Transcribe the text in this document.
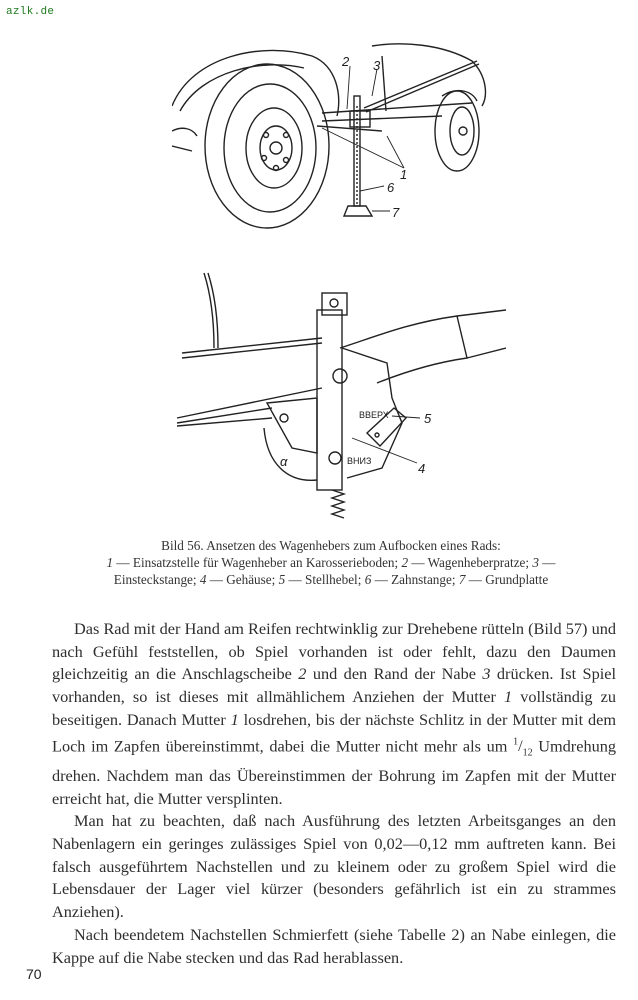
azlk.de
2 3
1
6
7
ВВЕРХ
ВНИЗ
α
5
4
Bild 56. Ansetzen des Wagenhebers zum Aufbocken eines Rads:
1 — Einsatzstelle für Wagenheber an Karosserieboden; 2 — Wagenheberpratze; 3 — Einsteckstange; 4 — Gehäuse; 5 — Stellhebel; 6 — Zahnstange; 7 — Grundplatte

Das Rad mit der Hand am Reifen rechtwinklig zur Drehebene rütteln (Bild 57) und nach Gefühl feststellen, ob Spiel vorhanden ist oder fehlt, dazu den Daumen gleichzeitig an die Anschlagscheibe 2 und den Rand der Nabe 3 drücken. Ist Spiel vorhanden, so ist dieses mit allmählichem Anziehen der Mutter 1 vollständig zu beseitigen. Danach Mutter 1 losdrehen, bis der nächste Schlitz in der Mutter mit dem Loch im Zapfen übereinstimmt, dabei die Mutter nicht mehr als um $^1/_{12}$ Umdrehung drehen. Nachdem man das Übereinstimmen der Bohrung im Zapfen mit der Mutter erreicht hat, die Mutter versplinten.

Man hat zu beachten, daß nach Ausführung des letzten Arbeitsganges an den Nabenlagern ein geringes zulässiges Spiel von 0,02—0,12 mm auftreten kann. Bei falsch ausgeführtem Nachstellen und zu kleinem oder zu großem Spiel wird die Lebensdauer der Lager viel kürzer (besonders gefährlich ist ein zu strammes Anziehen).

Nach beendetem Nachstellen Schmierfett (siehe Tabelle 2) an Nabe einlegen, die Kappe auf die Nabe stecken und das Rad herablassen.

70
